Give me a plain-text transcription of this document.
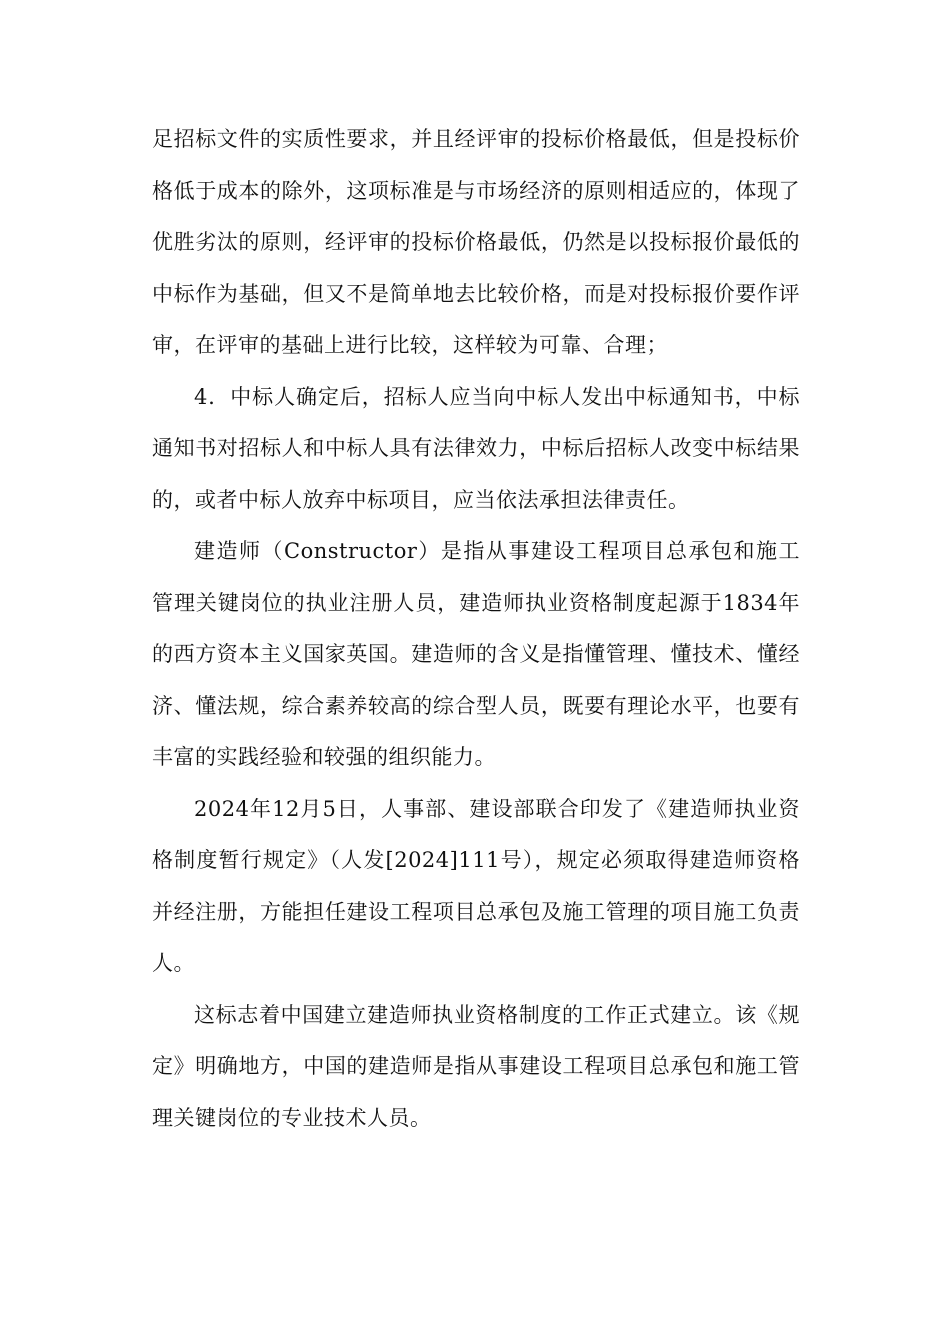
足招标文件的实质性要求，并且经评审的投标价格最低，但是投标价格低于成本的除外，这项标准是与市场经济的原则相适应的，体现了优胜劣汰的原则，经评审的投标价格最低，仍然是以投标报价最低的中标作为基础，但又不是简单地去比较价格，而是对投标报价要作评审，在评审的基础上进行比较，这样较为可靠、合理；

4．中标人确定后，招标人应当向中标人发出中标通知书，中标通知书对招标人和中标人具有法律效力，中标后招标人改变中标结果的，或者中标人放弃中标项目，应当依法承担法律责任。

建造师（Constructor）是指从事建设工程项目总承包和施工管理关键岗位的执业注册人员，建造师执业资格制度起源于1834年的西方资本主义国家英国。建造师的含义是指懂管理、懂技术、懂经济、懂法规，综合素养较高的综合型人员，既要有理论水平，也要有丰富的实践经验和较强的组织能力。

2024年12月5日，人事部、建设部联合印发了《建造师执业资格制度暂行规定》（人发[2024]111号），规定必须取得建造师资格并经注册，方能担任建设工程项目总承包及施工管理的项目施工负责人。

这标志着中国建立建造师执业资格制度的工作正式建立。该《规定》明确地方，中国的建造师是指从事建设工程项目总承包和施工管理关键岗位的专业技术人员。
